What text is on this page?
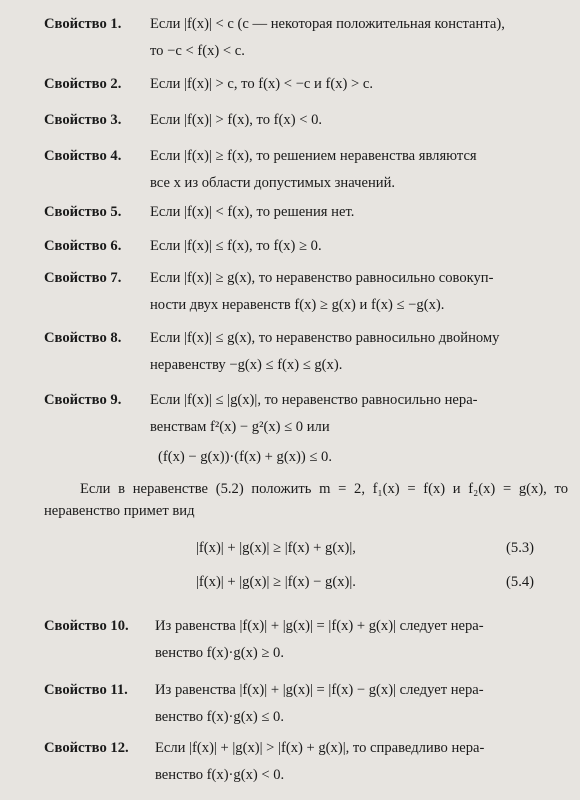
Свойство 1. Если |f(x)| < c (c — некоторая положительная константа),
то −c < f(x) < c.
Свойство 2. Если |f(x)| > c, то f(x) < −c и f(x) > c.
Свойство 3. Если |f(x)| > f(x), то f(x) < 0.
Свойство 4. Если |f(x)| ≥ f(x), то решением неравенства являются
все x из области допустимых значений.
Свойство 5. Если |f(x)| < f(x), то решения нет.
Свойство 6. Если |f(x)| ≤ f(x), то f(x) ≥ 0.
Свойство 7. Если |f(x)| ≥ g(x), то неравенство равносильно совокуп-
ности двух неравенств f(x) ≥ g(x) и f(x) ≤ −g(x).
Свойство 8. Если |f(x)| ≤ g(x), то неравенство равносильно двойному
неравенству −g(x) ≤ f(x) ≤ g(x).
Свойство 9. Если |f(x)| ≤ |g(x)|, то неравенство равносильно нера-
венствам f²(x) − g²(x) ≤ 0 или
(f(x) − g(x))·(f(x) + g(x)) ≤ 0.
Если в неравенстве (5.2) положить m = 2, f₁(x) = f(x) и f₂(x) = g(x), то неравенство примет вид
|f(x)| + |g(x)| ≥ |f(x) + g(x)|,	(5.3)
|f(x)| + |g(x)| ≥ |f(x) − g(x)|.	(5.4)
Свойство 10. Из равенства |f(x)| + |g(x)| = |f(x) + g(x)| следует нера-
венство f(x)·g(x) ≥ 0.
Свойство 11. Из равенства |f(x)| + |g(x)| = |f(x) − g(x)| следует нера-
венство f(x)·g(x) ≤ 0.
Свойство 12. Если |f(x)| + |g(x)| > |f(x) + g(x)|, то справедливо нера-
венство f(x)·g(x) < 0.
